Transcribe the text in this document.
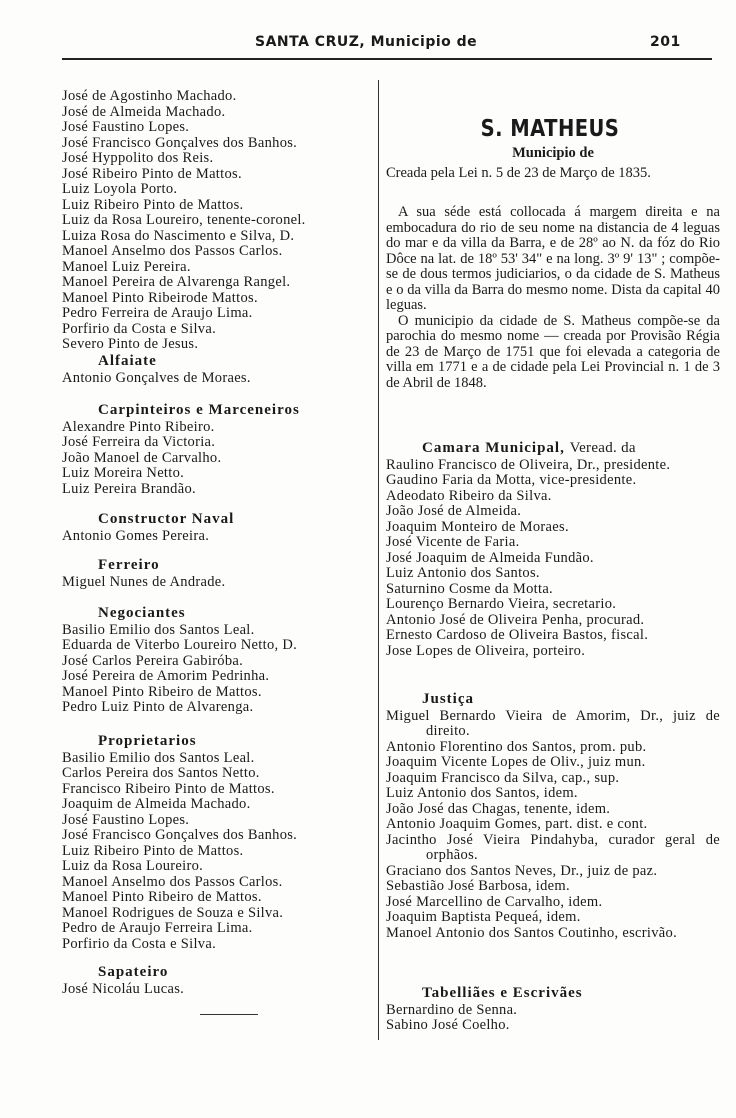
SANTA CRUZ, Municipio de	201
José de Agostinho Machado.
José de Almeida Machado.
José Faustino Lopes.
José Francisco Gonçalves dos Banhos.
José Hyppolito dos Reis.
José Ribeiro Pinto de Mattos.
Luiz Loyola Porto.
Luiz Ribeiro Pinto de Mattos.
Luiz da Rosa Loureiro, tenente-coronel.
Luiza Rosa do Nascimento e Silva, D.
Manoel Anselmo dos Passos Carlos.
Manoel Luiz Pereira.
Manoel Pereira de Alvarenga Rangel.
Manoel Pinto Ribeirode Mattos.
Pedro Ferreira de Araujo Lima.
Porfirio da Costa e Silva.
Severo Pinto de Jesus.
Alfaiate
Antonio Gonçalves de Moraes.
Carpinteiros e Marceneiros
Alexandre Pinto Ribeiro.
José Ferreira da Victoria.
João Manoel de Carvalho.
Luiz Moreira Netto.
Luiz Pereira Brandão.
Constructor Naval
Antonio Gomes Pereira.
Ferreiro
Miguel Nunes de Andrade.
Negociantes
Basilio Emilio dos Santos Leal.
Eduarda de Viterbo Loureiro Netto, D.
José Carlos Pereira Gabiróba.
José Pereira de Amorim Pedrinha.
Manoel Pinto Ribeiro de Mattos.
Pedro Luiz Pinto de Alvarenga.
Proprietarios
Basilio Emilio dos Santos Leal.
Carlos Pereira dos Santos Netto.
Francisco Ribeiro Pinto de Mattos.
Joaquim de Almeida Machado.
José Faustino Lopes.
José Francisco Gonçalves dos Banhos.
Luiz Ribeiro Pinto de Mattos.
Luiz da Rosa Loureiro.
Manoel Anselmo dos Passos Carlos.
Manoel Pinto Ribeiro de Mattos.
Manoel Rodrigues de Souza e Silva.
Pedro de Araujo Ferreira Lima.
Porfirio da Costa e Silva.
Sapateiro
José Nicoláu Lucas.
S. MATHEUS
Municipio de
Creada pela Lei n. 5 de 23 de Março de 1835.

A sua séde está collocada á margem direita e na embocadura do rio de seu nome na distancia de 4 leguas do mar e da villa da Barra, e de 28º ao N. da fóz do Rio Dôce na lat. de 18º 53' 34" e na long. 3º 9' 13" ; compõe-se de dous termos judiciarios, o da cidade de S. Matheus e o da villa da Barra do mesmo nome. Dista da capital 40 leguas.

O municipio da cidade de S. Matheus compõe-se da parochia do mesmo nome — creada por Provisão Régia de 23 de Março de 1751 que foi elevada a categoria de villa em 1771 e a de cidade pela Lei Provincial n. 1 de 3 de Abril de 1848.

Camara Municipal, Veread. da
Raulino Francisco de Oliveira, Dr., presidente.
Gaudino Faria da Motta, vice-presidente.
Adeodato Ribeiro da Silva.
João José de Almeida.
Joaquim Monteiro de Moraes.
José Vicente de Faria.
José Joaquim de Almeida Fundão.
Luiz Antonio dos Santos.
Saturnino Cosme da Motta.
Lourenço Bernardo Vieira, secretario.
Antonio José de Oliveira Penha, procurad.
Ernesto Cardoso de Oliveira Bastos, fiscal.
Jose Lopes de Oliveira, porteiro.
Justiça
Miguel Bernardo Vieira de Amorim, Dr., juiz de direito.
Antonio Florentino dos Santos, prom. pub.
Joaquim Vicente Lopes de Oliv., juiz mun.
Joaquim Francisco da Silva, cap., sup.
Luiz Antonio dos Santos, idem.
João José das Chagas, tenente, idem.
Antonio Joaquim Gomes, part. dist. e cont.
Jacintho José Vieira Pindahyba, curador geral de orphãos.
Graciano dos Santos Neves, Dr., juiz de paz.
Sebastião José Barbosa, idem.
José Marcellino de Carvalho, idem.
Joaquim Baptista Pequeá, idem.
Manoel Antonio dos Santos Coutinho, escrivão.
Tabelliães e Escrivães
Bernardino de Senna.
Sabino José Coelho.
